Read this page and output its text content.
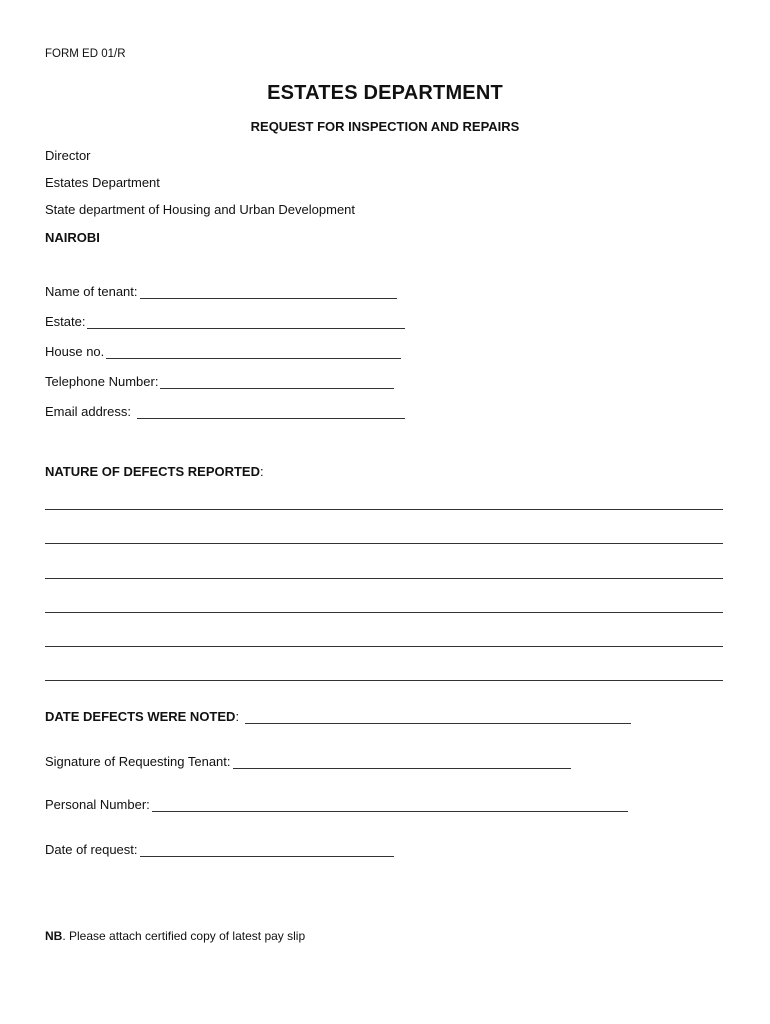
FORM ED 01/R
ESTATES DEPARTMENT
REQUEST FOR INSPECTION AND REPAIRS
Director
Estates Department
State department of Housing and Urban Development
NAIROBI
Name of tenant:
Estate:
House no.
Telephone Number:
Email address:
NATURE OF DEFECTS REPORTED:
DATE DEFECTS WERE NOTED :
Signature of Requesting Tenant:
Personal Number:
Date of request:
NB. Please attach certified copy of latest pay slip
